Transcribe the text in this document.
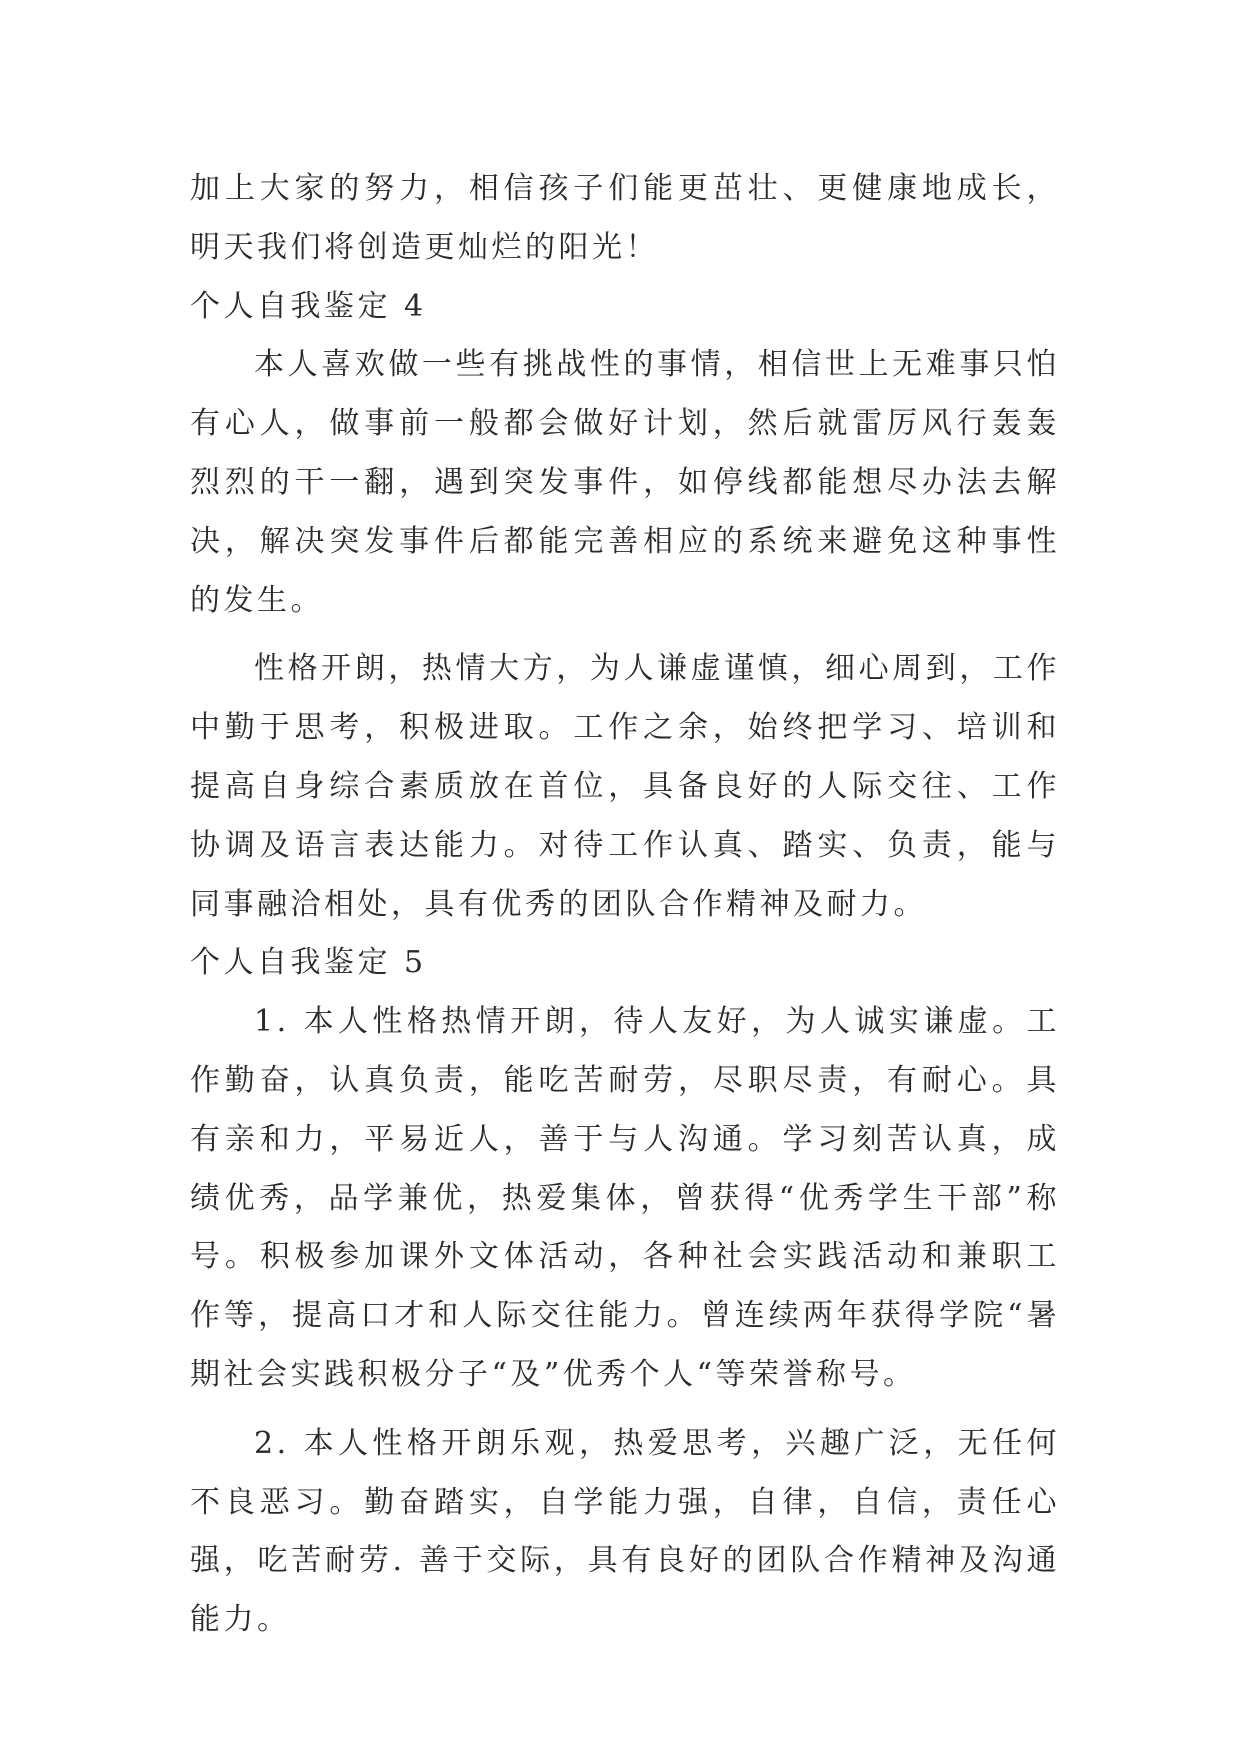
加上大家的努力，相信孩子们能更茁壮、更健康地成长，明天我们将创造更灿烂的阳光！

个人自我鉴定 4

本人喜欢做一些有挑战性的事情，相信世上无难事只怕有心人，做事前一般都会做好计划，然后就雷厉风行轰轰烈烈的干一翻，遇到突发事件，如停线都能想尽办法去解决，解决突发事件后都能完善相应的系统来避免这种事性的发生。

性格开朗，热情大方，为人谦虚谨慎，细心周到，工作中勤于思考，积极进取。工作之余，始终把学习、培训和提高自身综合素质放在首位，具备良好的人际交往、工作协调及语言表达能力。对待工作认真、踏实、负责，能与同事融洽相处，具有优秀的团队合作精神及耐力。

个人自我鉴定 5

1. 本人性格热情开朗，待人友好，为人诚实谦虚。工作勤奋，认真负责，能吃苦耐劳，尽职尽责，有耐心。具有亲和力，平易近人，善于与人沟通。学习刻苦认真，成绩优秀，品学兼优，热爱集体，曾获得“优秀学生干部”称号。积极参加课外文体活动，各种社会实践活动和兼职工作等，提高口才和人际交往能力。曾连续两年获得学院“暑期社会实践积极分子“及”优秀个人“等荣誉称号。

2. 本人性格开朗乐观，热爱思考，兴趣广泛，无任何不良恶习。勤奋踏实，自学能力强，自律，自信，责任心强，吃苦耐劳. 善于交际，具有良好的团队合作精神及沟通能力。
